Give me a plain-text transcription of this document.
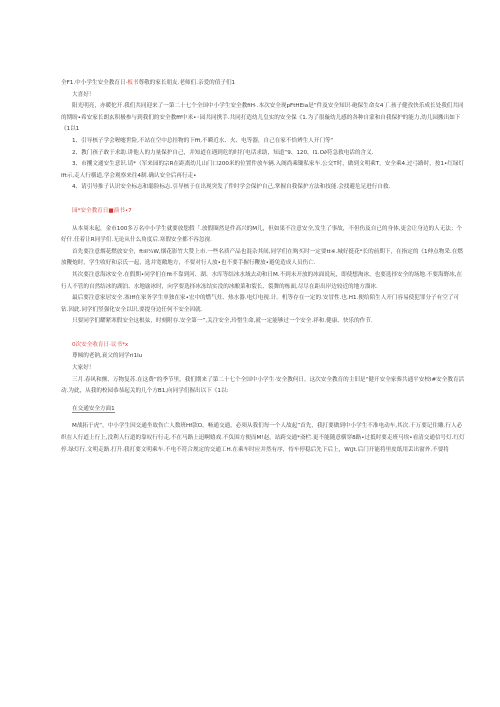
全F1.中小学生安全教育日·板书尊敬的家长朋友.老师们.亲爱的值子们1

大喜好！

阳光明亮，亦暖佗开.我们共同迎来了一第二十七个全国中小学生安全教fiH·.本次安全现pFtHEia是“件及安全知识·砲保生命女4丁.孩子健孜快乐成长处我们共同的期盼•希安家长朗玄积极参与到我们的安全教fff中米•◦园共同携手.共同打造幼儿皇实的安全保《1.为了很璇幼儿感的各种自蒙和自我保护的能力,幼儿园搬出如下《1以1

1、引导核子学会喔嚏世险,不站在空中总挂物的下ffi,不瞬近水、火、电等器，自己在家不恰辨生人开门等“

2、教门孩子敢于求助.讲他人的力量保护自己，并知道在遇到危的时打电话求助，知道“9、120、I1.O∂符急救电话的含义.

3、市攫文通安生意识.请*（军来园的宗R在距离幼儿山门口200米的位置件放车辆.入阁尚乘锄私家车.公交T时，做到文明乘T，安全乘4.过弓路时，按1•红绿灯Ift示,走人行横道,学会观察来往4制.确认安全后再行走•

4、请引导推子认识安全标志和聪险标志.引导核于在出现突发了件时学会保护自己,掌握自我保护方法和技能.会找避危足进行自救.

园*安全教育日■演书•7

从本周末起，金市100多万名中小学生就要放您假「.放假圈然是件高兴的M儿，但如果不注意安全,发生了事故，不但伤及自已的身体,更会让身边的人无法；个好什.任着让R同学们.无论从什么角度后.寒假安全都不容忽视.

首先要注意烟花燃放安全，ftiiI¼W,烟花影竹大赞上市.一些名质产品也混杂其间,同学们在购买时一定要tt※.城好挺花*长的前期下，在指定的《1伸点物采.在燃放鞭炮时，学生收好和京氏一起，选并宽敞地方，不要对行人放•也不要手握行鞭放•避免造成人员伤亡.

其次要注意海冰安全.在假期•同学们在fit不靠到河、湖、水库等结冰水域去动和日M.不到未开放的冰面说玩，即使想淘冰，也要选择安全的场地.不要海野冰,在行人不管的自然结冰的湖泊、水地谕冰时，向学要选择冰冻结实没的冰酿菜和裂长、裂舞的栋面,尽尽在距出岸边较近的地方溜冰.

最后要注意家居安全.塞Iff在家务学生单独在家•宏中的燃气灶、热水器.电灯电视.计。机等存在一定的.安冒性.也.H1.便给陌生人开门容易使犯罪分子有空了可钻.因此.同学们竖强化安全以识,要提身边任何不安全因就.

只要同学们耀紧寒假安全这根弦，时刻附存.安全第一”,关注安全,玲惜生命,就一定能够过一个安全.祥和.健康、快乐的作节.

0次安全收育日·议书*x

尊倾的老钠,衰父的同学ri1lu

大家好！

三月.春风和颤、万物复苏.在这费“的季节里，我们期来了第二十七个全国中小学生·安全教何日。这次安全教育的主旧是“健开安全家葬共通平安校l#安全教育活动.为此，从我的校园恭恭起关的几个方B1,向同学们握出以下《1以:

在交通安全方面1

M战拓于虎“，中小学生因交通坐故伤亡人数班Hf款O，畅通交通，必须从我们每一个人故起”首先，我打要做到中小学生不准电动车,其次.千万要记住雕.行人必织在人行道上行上,没利人行道的靠叹行行走,不在马路上迅啊嬉戏.不负围方便而M!赵，站跨交通*斋栏.更不能随意横穿8路•过抵时要走班马埃•看清交通信号灯.红灯停.绿灯行.文明走路.打升.我打要文明乘车.不电不符合规定的交通工H.在乘车时应并然有序，恃车停稳后先下后上，W(Jt.后门开能将里皮纸用丢出窗外.不要将
